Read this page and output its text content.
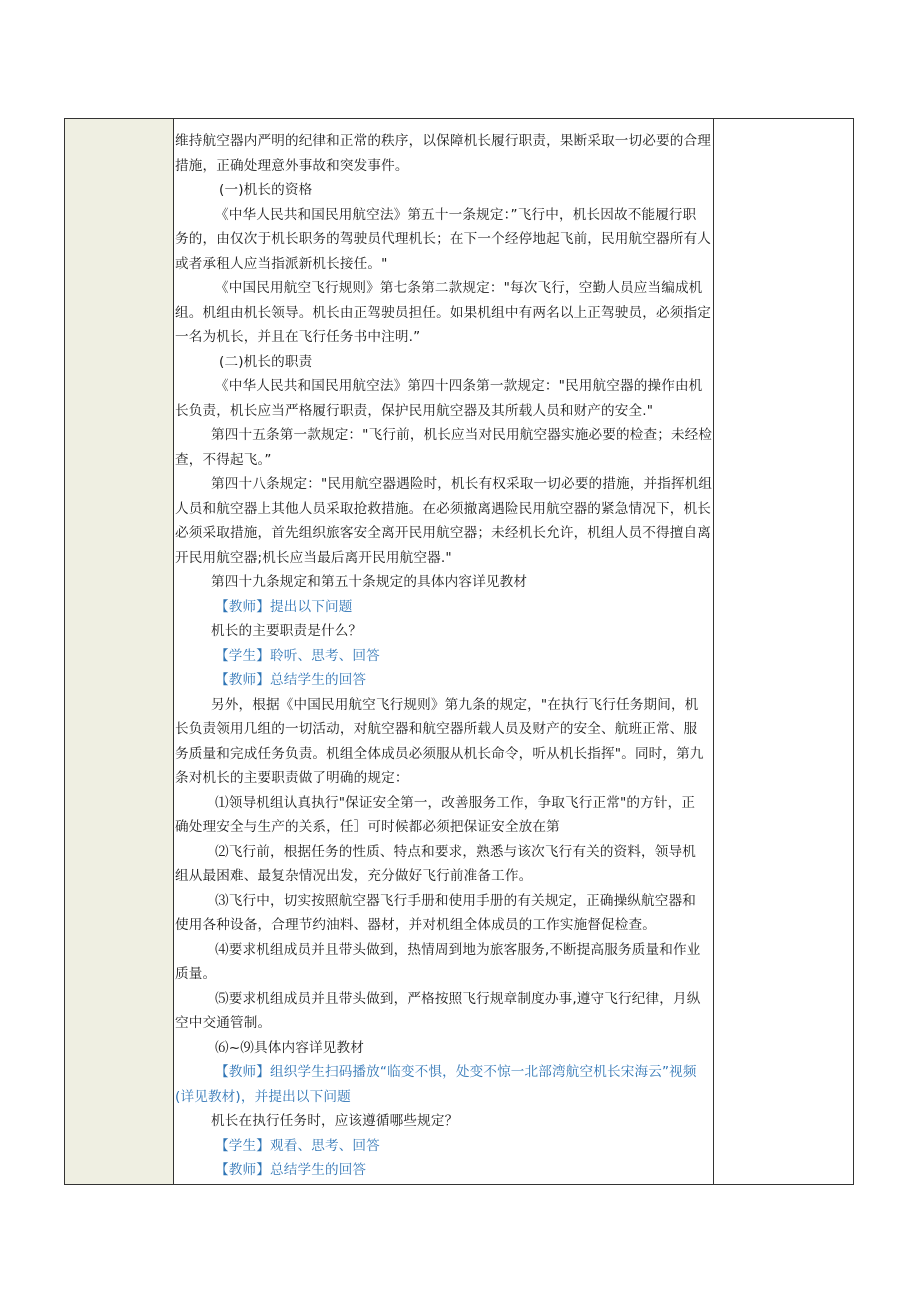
维持航空器内严明的纪律和正常的秩序，以保障机长履行职责，果断采取一切必要的合理
措施，正确处理意外事故和突发事件。
(一)机长的资格
《中华人民共和国民用航空法》第五十一条规定：”飞行中，机长因故不能履行职
务的，由仅次于机长职务的驾驶员代理机长；在下一个经停地起飞前，民用航空器所有人
或者承租人应当指派新机长接任。"
《中国民用航空飞行规则》第七条第二款规定："每次飞行，空勤人员应当编成机
组。机组由机长领导。机长由正驾驶员担任。如果机组中有两名以上正驾驶员，必须指定
一名为机长，并且在飞行任务书中注明.”
(二)机长的职责
《中华人民共和国民用航空法》第四十四条第一款规定："民用航空器的操作由机
长负责，机长应当严格履行职责，保护民用航空器及其所载人员和财产的安全."
第四十五条第一款规定："飞行前，机长应当对民用航空器实施必要的检查；未经检
查，不得起飞。”
第四十八条规定："民用航空器遇险时，机长有权采取一切必要的措施，并指挥机组
人员和航空器上其他人员采取抢救措施。在必须撤离遇险民用航空器的紧急情况下，机长
必须采取措施，首先组织旅客安全离开民用航空器；未经机长允许，机组人员不得擅自离
开民用航空器;机长应当最后离开民用航空器."
第四十九条规定和第五十条规定的具体内容详见教材
【教师】提出以下问题
机长的主要职责是什么？
【学生】聆听、思考、回答
【教师】总结学生的回答
另外，根据《中国民用航空飞行规则》第九条的规定，"在执行飞行任务期间，机
长负责领用几组的一切活动，对航空器和航空器所载人员及财产的安全、航班正常、服
务质量和完成任务负责。机组全体成员必须服从机长命令，听从机长指挥"。同时，第九
条对机长的主要职责做了明确的规定：
⑴领导机组认真执行"保证安全第一，改善服务工作，争取飞行正常"的方针，正
确处理安全与生产的关系，任］可时候都必须把保证安全放在第
⑵飞行前，根据任务的性质、特点和要求，熟悉与该次飞行有关的资料，领导机
组从最困难、最复杂情况出发，充分做好飞行前准备工作。
⑶飞行中，切实按照航空器飞行手册和使用手册的有关规定，正确操纵航空器和
使用各种设备，合理节约油料、器材，并对机组全体成员的工作实施督促检查。
⑷要求机组成员并且带头做到，热情周到地为旅客服务,不断提高服务质量和作业
质量。
⑸要求机组成员并且带头做到，严格按照飞行规章制度办事,遵守飞行纪律，月纵
空中交通管制。
⑹~⑼具体内容详见教材
【教师】组织学生扫码播放“临变不惧，处变不惊一北部湾航空机长宋海云”视频
(详见教材)，并提出以下问题
机长在执行任务时，应该遵循哪些规定？
【学生】观看、思考、回答
【教师】总结学生的回答
